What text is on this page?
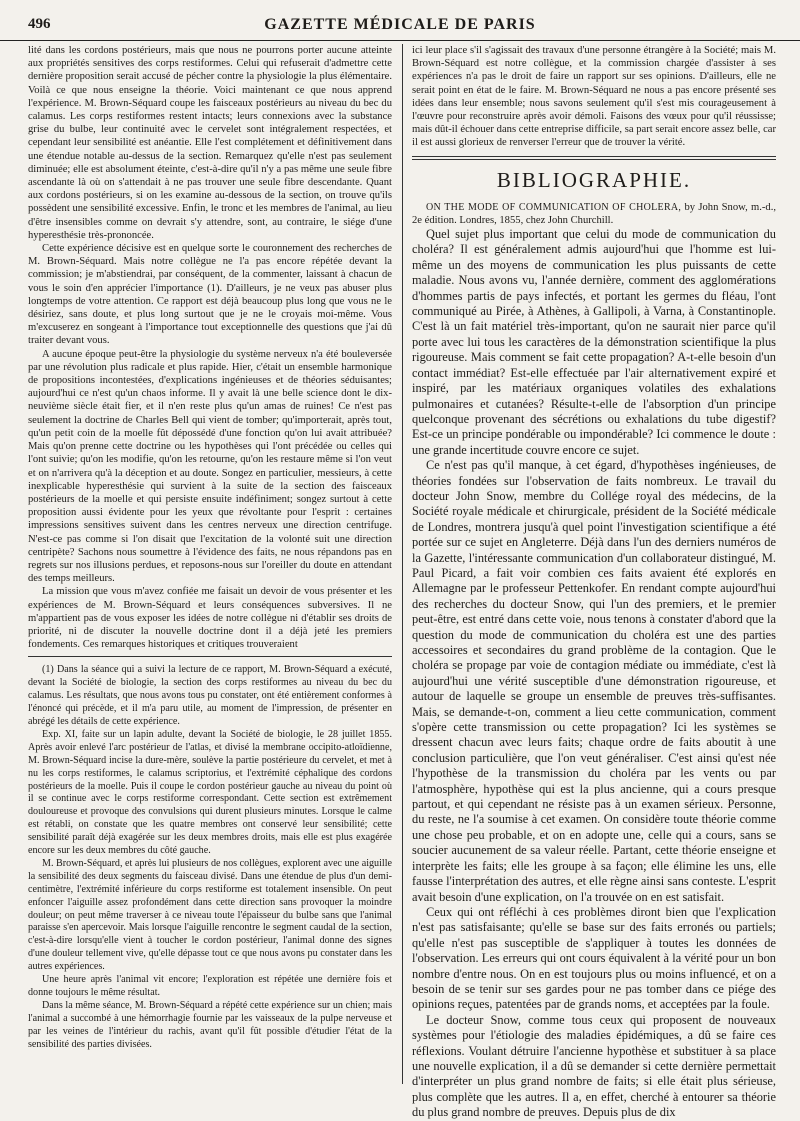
496	GAZETTE MÉDICALE DE PARIS

lité dans les cordons postérieurs, mais que nous ne pourrons porter aucune atteinte aux propriétés sensitives des corps restiformes. Celui qui refuserait d'admettre cette dernière proposition serait accusé de pécher contre la physiologie la plus élémentaire. Voilà ce que nous enseigne la théorie. Voici maintenant ce que nous apprend l'expérience. M. Brown-Séquard coupe les faisceaux postérieurs au niveau du bec du calamus. Les corps restiformes restent intacts; leurs connexions avec la substance grise du bulbe, leur continuité avec le cervelet sont intégralement respectées, et cependant leur sensibilité est anéantie. Elle l'est complétement et définitivement dans une étendue notable au-dessus de la section. Remarquez qu'elle n'est pas seulement diminuée; elle est absolument éteinte, c'est-à-dire qu'il n'y a pas même une seule fibre ascendante là où on s'attendait à ne pas trouver une seule fibre descendante. Quant aux cordons postérieurs, si on les examine au-dessous de la section, on trouve qu'ils possèdent une sensibilité excessive. Enfin, le tronc et les membres de l'animal, au lieu d'être insensibles comme on devrait s'y attendre, sont, au contraire, le siége d'une hyperesthésie très-prononcée.

Cette expérience décisive est en quelque sorte le couronnement des recherches de M. Brown-Séquard. Mais notre collègue ne l'a pas encore répétée devant la commission; je m'abstiendrai, par conséquent, de la commenter, laissant à chacun de vous le soin d'en apprécier l'importance (1). D'ailleurs, je ne veux pas abuser plus longtemps de votre attention. Ce rapport est déjà beaucoup plus long que vous ne le désiriez, sans doute, et plus long surtout que je ne le croyais moi-même. Vous m'excuserez en songeant à l'importance tout exceptionnelle des questions que j'ai dû traiter devant vous.

A aucune époque peut-être la physiologie du système nerveux n'a été bouleversée par une révolution plus radicale et plus rapide. Hier, c'était un ensemble harmonique de propositions incontestées, d'explications ingénieuses et de théories séduisantes; aujourd'hui ce n'est qu'un chaos informe. Il y avait là une belle science dont le dix-neuvième siècle était fier, et il n'en reste plus qu'un amas de ruines! Ce n'est pas seulement la doctrine de Charles Bell qui vient de tomber; qu'importerait, après tout, qu'un petit coin de la moelle fût dépossédé d'une fonction qu'on lui avait attribuée? Mais qu'on prenne cette doctrine ou les hypothèses qui l'ont précédée ou celles qui l'ont suivie; qu'on les modifie, qu'on les retourne, qu'on les restaure même si l'on veut et on n'arrivera qu'à la déception et au doute. Songez en particulier, messieurs, à cette inexplicable hyperesthésie qui survient à la suite de la section des faisceaux postérieurs de la moelle et qui persiste ensuite indéfiniment; songez surtout à cette proposition aussi évidente pour les yeux que révoltante pour l'esprit : certaines impressions sensitives suivent dans les centres nerveux une direction centrifuge. N'est-ce pas comme si l'on disait que l'excitation de la volonté suit une direction centripète? Sachons nous soumettre à l'évidence des faits, ne nous répandons pas en regrets sur nos illusions perdues, et reposons-nous sur l'oreiller du doute en attendant des temps meilleurs.

La mission que vous m'avez confiée me faisait un devoir de vous présenter et les expériences de M. Brown-Séquard et leurs conséquences subversives. Il ne m'appartient pas de vous exposer les idées de notre collègue ni d'établir ses droits de priorité, ni de discuter la nouvelle doctrine dont il a déjà jeté les premiers fondements. Ces remarques historiques et critiques trouveraient

(1) Dans la séance qui a suivi la lecture de ce rapport, M. Brown-Séquard a exécuté, devant la Société de biologie, la section des corps restiformes au niveau du bec du calamus. Les résultats, que nous avons tous pu constater, ont été entièrement conformes à l'énoncé qui précède, et il m'a paru utile, au moment de l'impression, de présenter en abrégé les détails de cette expérience.

Exp. XI, faite sur un lapin adulte, devant la Société de biologie, le 28 juillet 1855. Après avoir enlevé l'arc postérieur de l'atlas, et divisé la membrane occipito-atloïdienne, M. Brown-Séquard incise la dure-mère, soulève la partie postérieure du cervelet, et met à nu les corps restiformes, le calamus scriptorius, et l'extrémité céphalique des cordons postérieurs de la moelle. Puis il coupe le cordon postérieur gauche au niveau du point où il se continue avec le corps restiforme correspondant. Cette section est extrêmement douloureuse et provoque des convulsions qui durent plusieurs minutes. Lorsque le calme est rétabli, on constate que les quatre membres ont conservé leur sensibilité; cette sensibilité paraît déjà exagérée sur les deux membres droits, mais elle est plus exagérée encore sur les deux membres du côté gauche.

M. Brown-Séquard, et après lui plusieurs de nos collègues, explorent avec une aiguille la sensibilité des deux segments du faisceau divisé. Dans une étendue de plus d'un demi-centimètre, l'extrémité inférieure du corps restiforme est totalement insensible. On peut enfoncer l'aiguille assez profondément dans cette direction sans provoquer la moindre douleur; on peut même traverser à ce niveau toute l'épaisseur du bulbe sans que l'animal paraisse s'en apercevoir. Mais lorsque l'aiguille rencontre le segment caudal de la section, c'est-à-dire lorsqu'elle vient à toucher le cordon postérieur, l'animal donne des signes d'une douleur tellement vive, qu'elle dépasse tout ce que nous avons pu constater dans les autres expériences.

Une heure après l'animal vit encore; l'exploration est répétée une dernière fois et donne toujours le même résultat.

Dans la même séance, M. Brown-Séquard a répété cette expérience sur un chien; mais l'animal a succombé à une hémorrhagie fournie par les vaisseaux de la pulpe nerveuse et par les veines de l'intérieur du rachis, avant qu'il fût possible d'étudier l'état de la sensibilité des parties divisées.

ici leur place s'il s'agissait des travaux d'une personne étrangère à la Société; mais M. Brown-Séquard est notre collègue, et la commission chargée d'assister à ses expériences n'a pas le droit de faire un rapport sur ses opinions. D'ailleurs, elle ne serait point en état de le faire. M. Brown-Séquard ne nous a pas encore présenté ses idées dans leur ensemble; nous savons seulement qu'il s'est mis courageusement à l'œuvre pour reconstruire après avoir démoli. Faisons des vœux pour qu'il réussisse; mais dût-il échouer dans cette entreprise difficile, sa part serait encore assez belle, car il est aussi glorieux de renverser l'erreur que de trouver la vérité.

BIBLIOGRAPHIE.

ON THE MODE OF COMMUNICATION OF CHOLERA, by John Snow, m.-d., 2e édition. Londres, 1855, chez John Churchill.

Quel sujet plus important que celui du mode de communication du choléra? Il est généralement admis aujourd'hui que l'homme est lui-même un des moyens de communication les plus puissants de cette maladie. Nous avons vu, l'année dernière, comment des agglomérations d'hommes partis de pays infectés, et portant les germes du fléau, l'ont communiqué au Pirée, à Athènes, à Gallipoli, à Varna, à Constantinople. C'est là un fait matériel très-important, qu'on ne saurait nier parce qu'il porte avec lui tous les caractères de la démonstration scientifique la plus rigoureuse. Mais comment se fait cette propagation? A-t-elle besoin d'un contact immédiat? Est-elle effectuée par l'air alternativement expiré et inspiré, par les matériaux organiques volatiles des exhalations pulmonaires et cutanées? Résulte-t-elle de l'absorption d'un principe quelconque provenant des sécrétions ou exhalations du tube digestif? Est-ce un principe pondérable ou impondérable? Ici commence le doute : une grande incertitude couvre encore ce sujet.

Ce n'est pas qu'il manque, à cet égard, d'hypothèses ingénieuses, de théories fondées sur l'observation de faits nombreux. Le travail du docteur John Snow, membre du Collége royal des médecins, de la Société royale médicale et chirurgicale, président de la Société médicale de Londres, montrera jusqu'à quel point l'investigation scientifique a été portée sur ce sujet en Angleterre. Déjà dans l'un des derniers numéros de la Gazette, l'intéressante communication d'un collaborateur distingué, M. Paul Picard, a fait voir combien ces faits avaient été explorés en Allemagne par le professeur Pettenkofer. En rendant compte aujourd'hui des recherches du docteur Snow, qui l'un des premiers, et le premier peut-être, est entré dans cette voie, nous tenons à constater d'abord que la question du mode de communication du choléra est une des parties accessoires et secondaires du grand problème de la contagion. Que le choléra se propage par voie de contagion médiate ou immédiate, c'est là aujourd'hui une vérité susceptible d'une démonstration rigoureuse, et autour de laquelle se groupe un ensemble de preuves très-suffisantes. Mais, se demande-t-on, comment a lieu cette communication, comment s'opère cette transmission ou cette propagation? Ici les systèmes se dressent chacun avec leurs faits; chaque ordre de faits aboutit à une conclusion particulière, que l'on veut généraliser. C'est ainsi qu'est née l'hypothèse de la transmission du choléra par les vents ou par l'atmosphère, hypothèse qui est la plus ancienne, qui a cours presque partout, et qui cependant ne résiste pas à un examen sérieux. Personne, du reste, ne l'a soumise à cet examen. On considère toute théorie comme une chose peu probable, et on en adopte une, celle qui a cours, sans se soucier aucunement de sa valeur réelle. Partant, cette théorie enseigne et interprète les faits; elle les groupe à sa façon; elle élimine les uns, elle fausse l'interprétation des autres, et elle règne ainsi sans conteste. L'esprit avait besoin d'une explication, on l'a trouvée on en est satisfait.

Ceux qui ont réfléchi à ces problèmes diront bien que l'explication n'est pas satisfaisante; qu'elle se base sur des faits erronés ou partiels; qu'elle n'est pas susceptible de s'appliquer à toutes les données de l'observation. Les erreurs qui ont cours équivalent à la vérité pour un bon nombre d'entre nous. On en est toujours plus ou moins influencé, et on a besoin de se tenir sur ses gardes pour ne pas tomber dans ce piége des opinions reçues, patentées par de grands noms, et acceptées par la foule.

Le docteur Snow, comme tous ceux qui proposent de nouveaux systèmes pour l'étiologie des maladies épidémiques, a dû se faire ces réflexions. Voulant détruire l'ancienne hypothèse et substituer à sa place une nouvelle explication, il a dû se demander si cette dernière permettait d'interpréter un plus grand nombre de faits; si elle était plus sérieuse, plus complète que les autres. Il a, en effet, cherché à entourer sa théorie du plus grand nombre de preuves. Depuis plus de dix
